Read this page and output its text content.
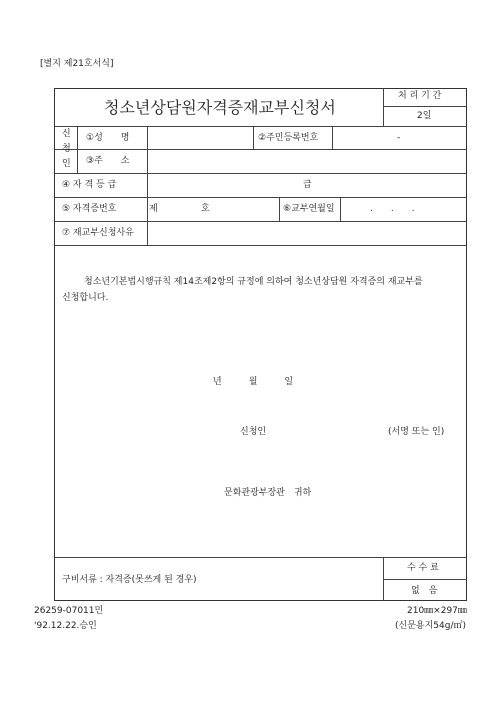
[별지 제21호서식]
청소년상담원자격증재교부신청서
처 리 기 간
2일
신
청
인
①성　　명	②주민등록번호	-
③주　　소
④ 자 격 등 급	급
⑤ 자격증번호	제	호	⑥교부연월일	.　　.　　.
⑦ 재교부신청사유
청소년기본법시행규칙 제14조제2항의 규정에 의하여 청소년상담원 자격증의 재교부를
신청합니다.
년　　　월　　　일
신청인	(서명 또는 인)
문화관광부장관　귀하
구비서류 : 자격증(못쓰게 된 경우)
수 수 료
없　음
26259-07011민
'92.12.22.승인
210㎜×297㎜
(신문용지54g/㎡)
